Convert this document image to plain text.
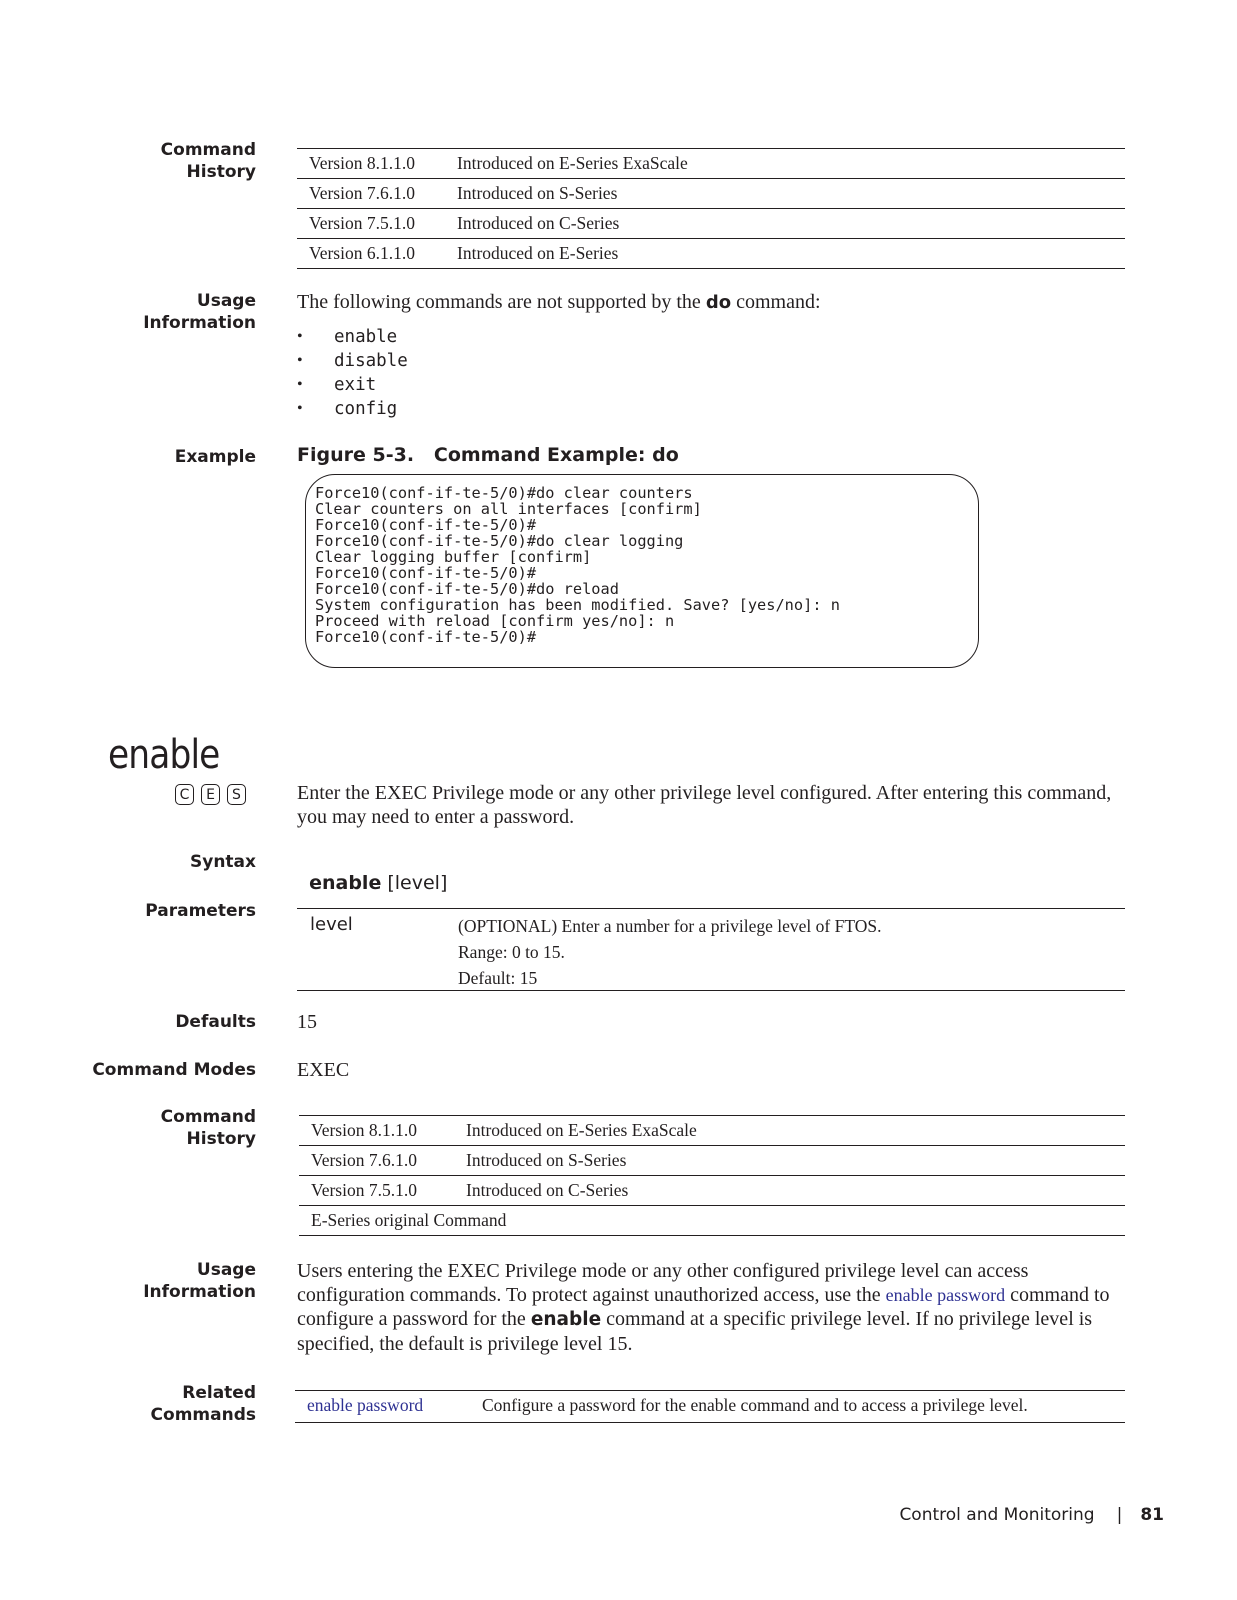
Command
History	Version 8.1.1.0	Introduced on E-Series ExaScale
Version 7.6.1.0	Introduced on S-Series
Version 7.5.1.0	Introduced on C-Series
Version 6.1.1.0	Introduced on E-Series
Usage
Information
The following commands are not supported by the do command:
•	enable
•	disable
•	exit
•	config
Example Figure 5-3.   Command Example: do
Force10(conf-if-te-5/0)#do clear counters
Clear counters on all interfaces [confirm]
Force10(conf-if-te-5/0)#
Force10(conf-if-te-5/0)#do clear logging
Clear logging buffer [confirm]
Force10(conf-if-te-5/0)#
Force10(conf-if-te-5/0)#do reload
System configuration has been modified. Save? [yes/no]: n
Proceed with reload [confirm yes/no]: n
Force10(conf-if-te-5/0)#
enable
C E S	Enter the EXEC Privilege mode or any other privilege level configured. After entering this command, you may need to enter a password.
Syntax

enable [level]

Parameters
level	(OPTIONAL) Enter a number for a privilege level of FTOS.
Range: 0 to 15.
Default: 15
Defaults 15
Command Modes EXEC
Command
History	Version 8.1.1.0	Introduced on E-Series ExaScale
Version 7.6.1.0	Introduced on S-Series
Version 7.5.1.0	Introduced on C-Series
E-Series original Command
Usage
Information
Users entering the EXEC Privilege mode or any other configured privilege level can access configuration commands. To protect against unauthorized access, use the enable password command to configure a password for the enable command at a specific privilege level. If no privilege level is specified, the default is privilege level 15.
Related
Commands	enable password	Configure a password for the enable command and to access a privilege level.
Control and Monitoring | 81
